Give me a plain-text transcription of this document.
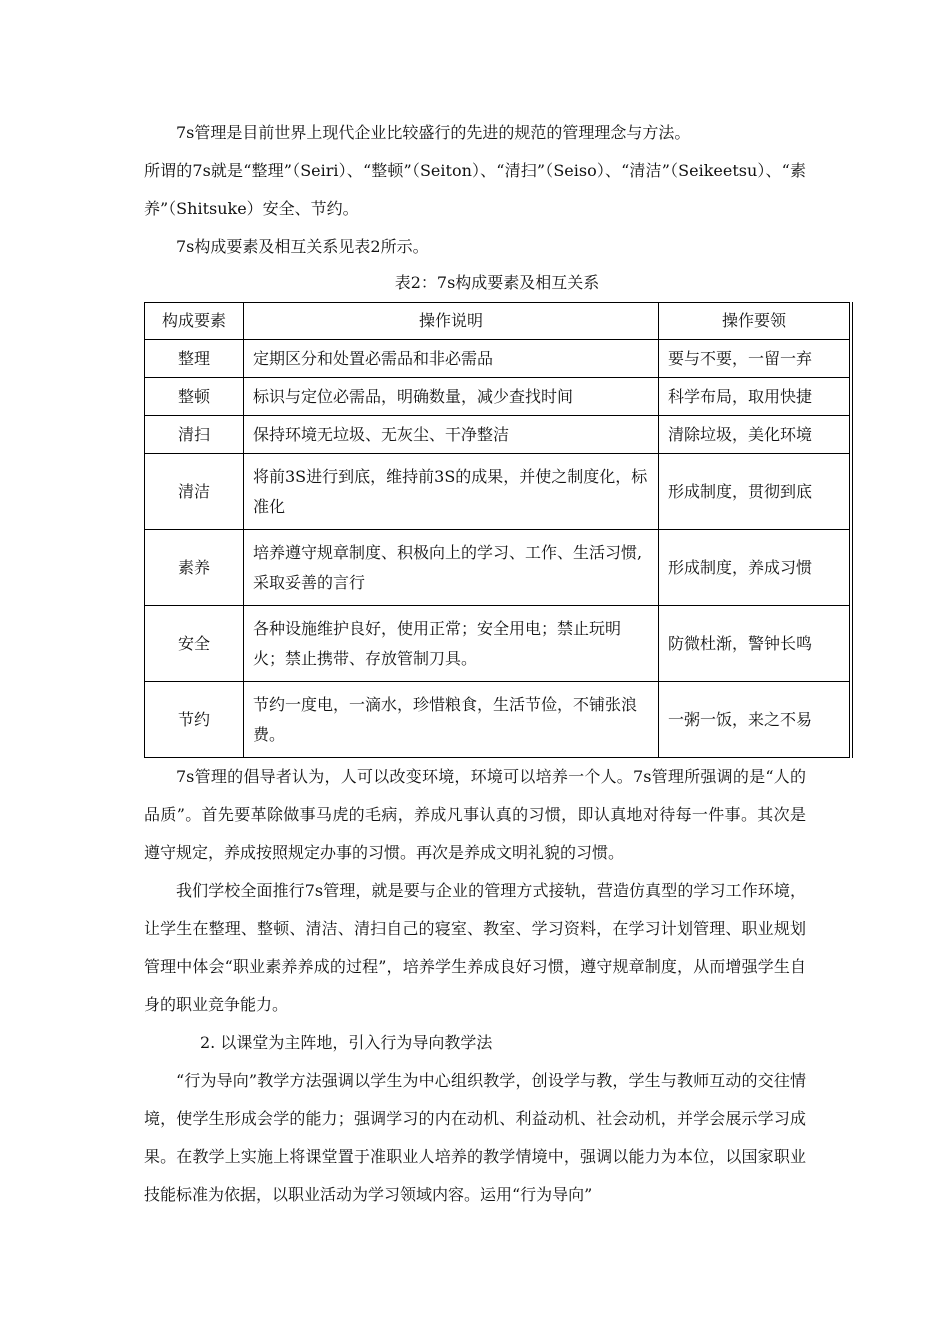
7s管理是目前世界上现代企业比较盛行的先进的规范的管理理念与方法。

所谓的7s就是“整理”（Seiri）、“整顿”（Seiton）、“清扫”（Seiso）、“清洁”（Seikeetsu）、“素养”（Shitsuke）安全、节约。

7s构成要素及相互关系见表2所示。

表2：7s构成要素及相互关系

构成要素	操作说明	操作要领
整理	定期区分和处置必需品和非必需品	要与不要，一留一弃
整顿	标识与定位必需品，明确数量，减少查找时间	科学布局，取用快捷
清扫	保持环境无垃圾、无灰尘、干净整洁	清除垃圾，美化环境
清洁	将前3S进行到底，维持前3S的成果，并使之制度化，标准化	形成制度，贯彻到底
素养	培养遵守规章制度、积极向上的学习、工作、生活习惯,采取妥善的言行	形成制度，养成习惯
安全	各种设施维护良好，使用正常；安全用电；禁止玩明火；禁止携带、存放管制刀具。	防微杜渐，警钟长鸣
节约	节约一度电，一滴水，珍惜粮食，生活节俭，不铺张浪费。	一粥一饭，来之不易

7s管理的倡导者认为，人可以改变环境，环境可以培养一个人。7s管理所强调的是“人的品质”。首先要革除做事马虎的毛病，养成凡事认真的习惯，即认真地对待每一件事。其次是遵守规定，养成按照规定办事的习惯。再次是养成文明礼貌的习惯。

我们学校全面推行7s管理，就是要与企业的管理方式接轨，营造仿真型的学习工作环境，让学生在整理、整顿、清洁、清扫自己的寝室、教室、学习资料，在学习计划管理、职业规划管理中体会“职业素养养成的过程”，培养学生养成良好习惯，遵守规章制度，从而增强学生自身的职业竞争能力。

2. 以课堂为主阵地，引入行为导向教学法

“行为导向”教学方法强调以学生为中心组织教学，创设学与教，学生与教师互动的交往情境，使学生形成会学的能力；强调学习的内在动机、利益动机、社会动机，并学会展示学习成果。在教学上实施上将课堂置于准职业人培养的教学情境中，强调以能力为本位，以国家职业技能标准为依据，以职业活动为学习领域内容。运用“行为导向”
